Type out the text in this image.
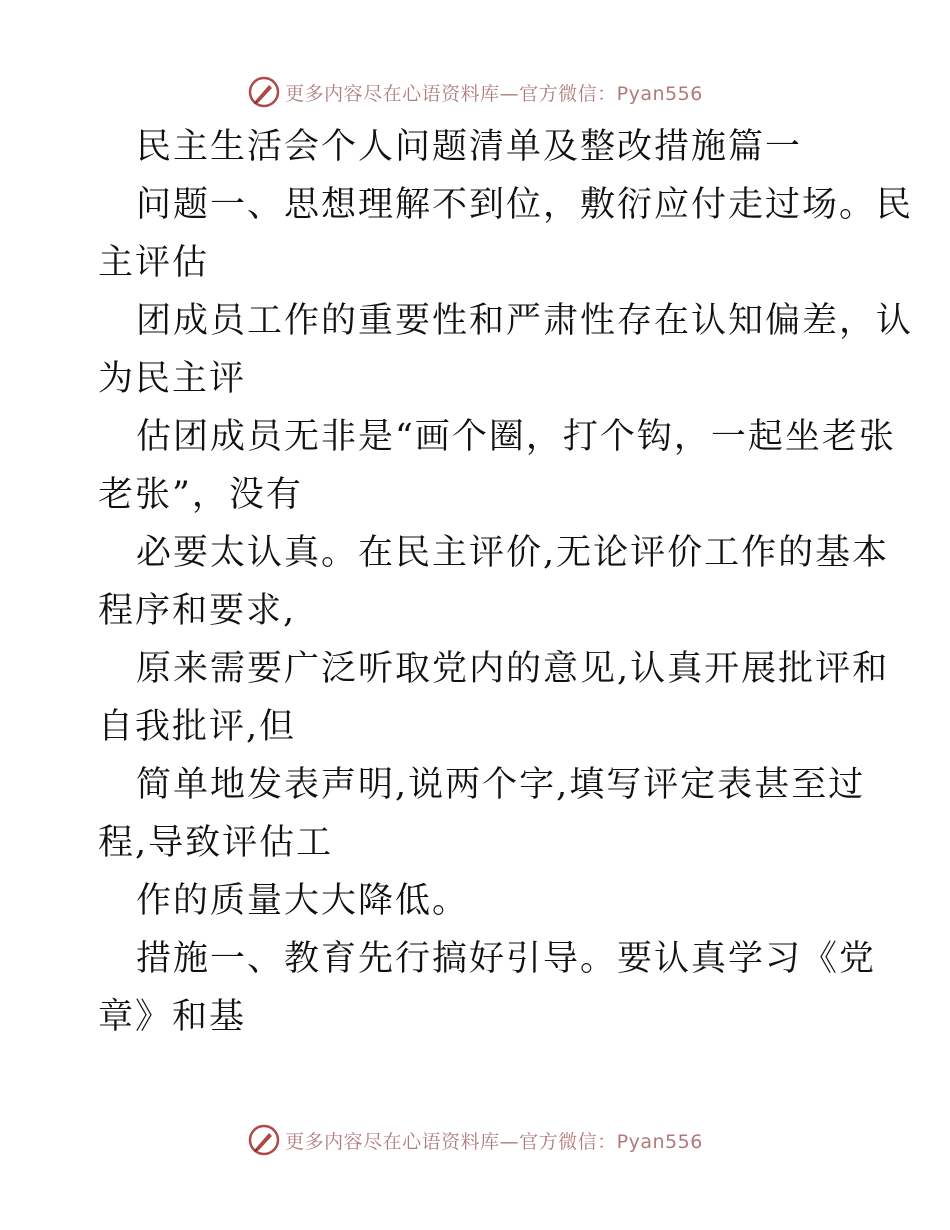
更多内容尽在心语资料库—官方微信：Pyan556
民主生活会个人问题清单及整改措施篇一
问题一、思想理解不到位，敷衍应付走过场。民
主评估
团成员工作的重要性和严肃性存在认知偏差，认
为民主评
估团成员无非是“画个圈，打个钩，一起坐老张
老张”，没有
必要太认真。在民主评价,无论评价工作的基本
程序和要求,
原来需要广泛听取党内的意见,认真开展批评和
自我批评,但
简单地发表声明,说两个字,填写评定表甚至过
程,导致评估工
作的质量大大降低。
措施一、教育先行搞好引导。要认真学习《党
章》和基
更多内容尽在心语资料库—官方微信：Pyan556
